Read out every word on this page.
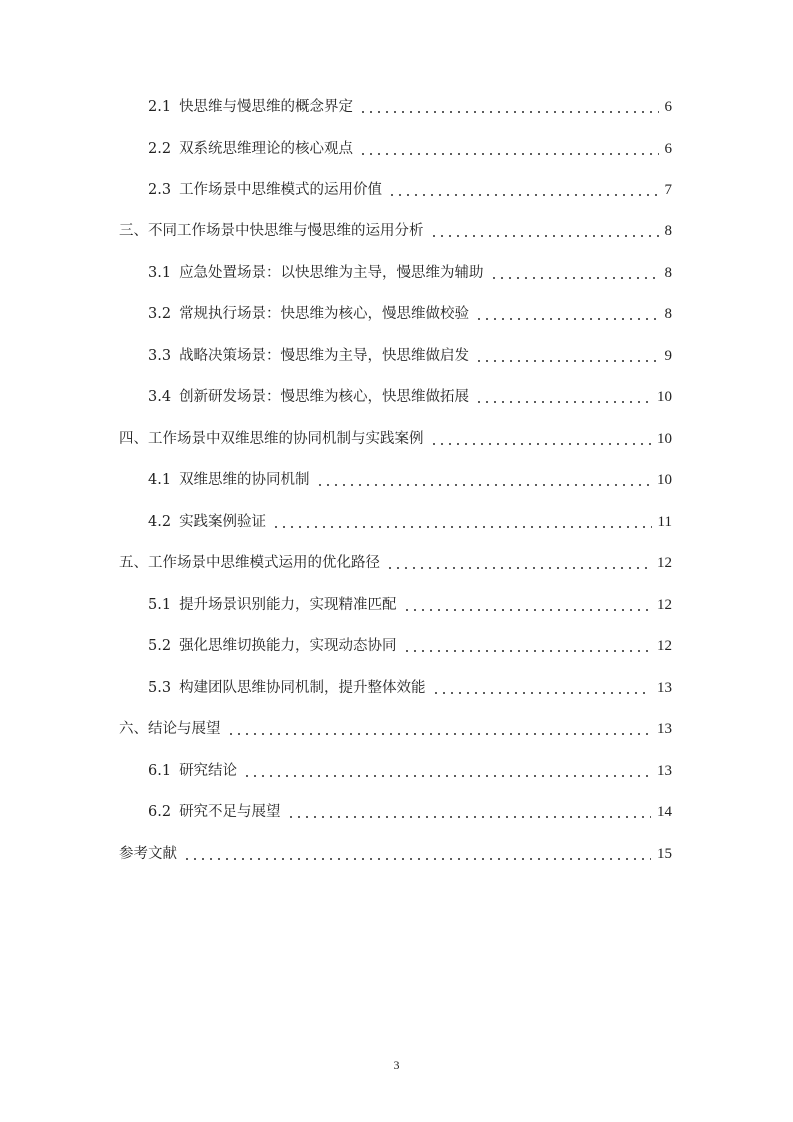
2.1 快思维与慢思维的概念界定	6
2.2 双系统思维理论的核心观点	6
2.3 工作场景中思维模式的运用价值	7
三、不同工作场景中快思维与慢思维的运用分析	8
3.1 应急处置场景：以快思维为主导，慢思维为辅助	8
3.2 常规执行场景：快思维为核心，慢思维做校验	8
3.3 战略决策场景：慢思维为主导，快思维做启发	9
3.4 创新研发场景：慢思维为核心，快思维做拓展	10
四、工作场景中双维思维的协同机制与实践案例	10
4.1 双维思维的协同机制	10
4.2 实践案例验证	11
五、工作场景中思维模式运用的优化路径	12
5.1 提升场景识别能力，实现精准匹配	12
5.2 强化思维切换能力，实现动态协同	12
5.3 构建团队思维协同机制，提升整体效能	13
六、结论与展望	13
6.1 研究结论	13
6.2 研究不足与展望	14
参考文献	15
3
